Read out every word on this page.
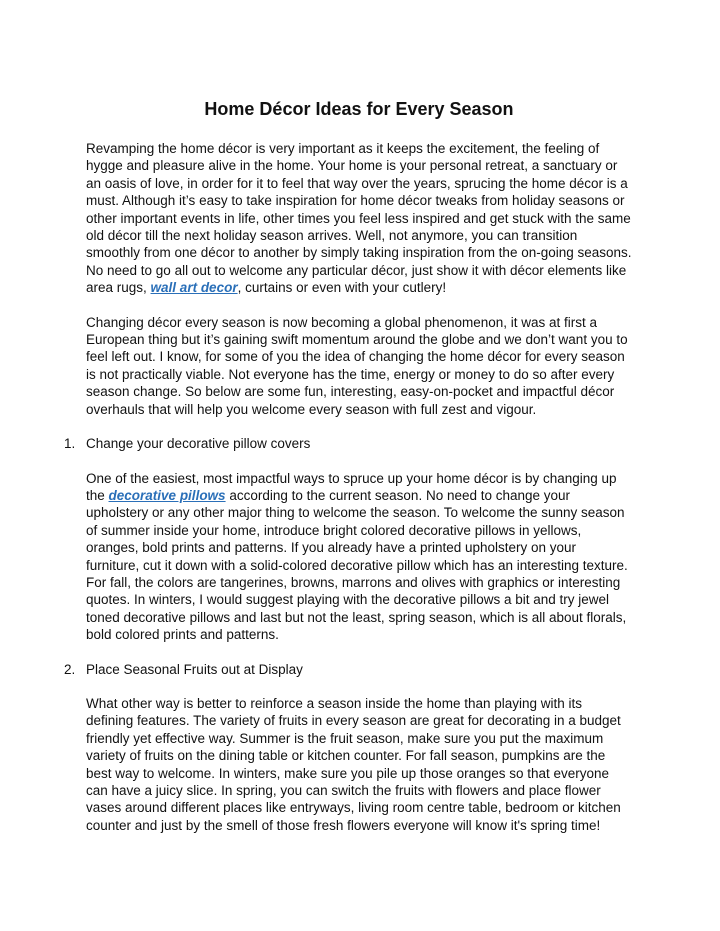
Home Décor Ideas for Every Season

Revamping the home décor is very important as it keeps the excitement, the feeling of hygge and pleasure alive in the home. Your home is your personal retreat, a sanctuary or an oasis of love, in order for it to feel that way over the years, sprucing the home décor is a must. Although it’s easy to take inspiration for home décor tweaks from holiday seasons or other important events in life, other times you feel less inspired and get stuck with the same old décor till the next holiday season arrives. Well, not anymore, you can transition smoothly from one décor to another by simply taking inspiration from the on-going seasons. No need to go all out to welcome any particular décor, just show it with décor elements like area rugs, wall art decor, curtains or even with your cutlery!

Changing décor every season is now becoming a global phenomenon, it was at first a European thing but it’s gaining swift momentum around the globe and we don’t want you to feel left out. I know, for some of you the idea of changing the home décor for every season is not practically viable. Not everyone has the time, energy or money to do so after every season change. So below are some fun, interesting, easy-on-pocket and impactful décor overhauls that will help you welcome every season with full zest and vigour.

1. Change your decorative pillow covers

One of the easiest, most impactful ways to spruce up your home décor is by changing up the decorative pillows according to the current season. No need to change your upholstery or any other major thing to welcome the season. To welcome the sunny season of summer inside your home, introduce bright colored decorative pillows in yellows, oranges, bold prints and patterns. If you already have a printed upholstery on your furniture, cut it down with a solid-colored decorative pillow which has an interesting texture. For fall, the colors are tangerines, browns, marrons and olives with graphics or interesting quotes. In winters, I would suggest playing with the decorative pillows a bit and try jewel toned decorative pillows and last but not the least, spring season, which is all about florals, bold colored prints and patterns.

2. Place Seasonal Fruits out at Display

What other way is better to reinforce a season inside the home than playing with its defining features. The variety of fruits in every season are great for decorating in a budget friendly yet effective way. Summer is the fruit season, make sure you put the maximum variety of fruits on the dining table or kitchen counter. For fall season, pumpkins are the best way to welcome. In winters, make sure you pile up those oranges so that everyone can have a juicy slice. In spring, you can switch the fruits with flowers and place flower vases around different places like entryways, living room centre table, bedroom or kitchen counter and just by the smell of those fresh flowers everyone will know it's spring time!
